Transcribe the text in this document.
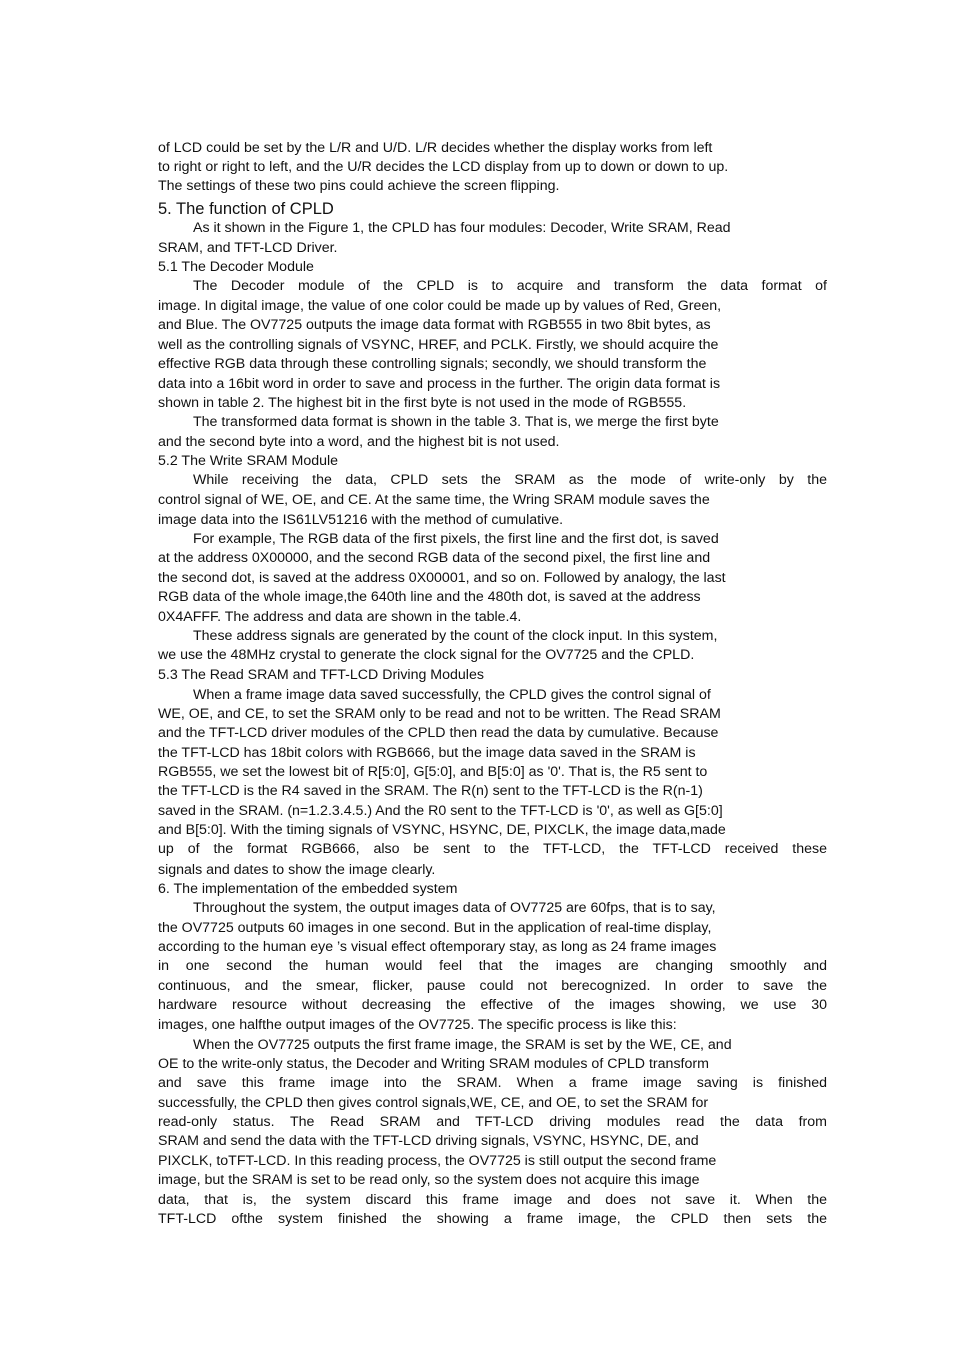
of LCD could be set by the L/R and U/D. L/R decides whether the display works from left

to right or right to left, and the U/R decides the LCD display from up to down or down to up.

The settings of these two pins could achieve the screen flipping.

5. The function of CPLD

As it shown in the Figure 1, the CPLD has four modules: Decoder, Write SRAM, Read

SRAM, and TFT-LCD Driver.

5.1 The Decoder Module

The Decoder module of the CPLD is to acquire and transform the data format of

image. In digital image, the value of one color could be made up by values of Red, Green,

and Blue. The OV7725 outputs the image data format with RGB555 in two 8bit bytes, as

well as the controlling signals of VSYNC, HREF, and PCLK. Firstly, we should acquire the

effective RGB data through these controlling signals; secondly, we should transform the

data into a 16bit word in order to save and process in the further. The origin data format is

shown in table 2. The highest bit in the first byte is not used in the mode of RGB555.

The transformed data format is shown in the table 3. That is, we merge the first byte

and the second byte into a word, and the highest bit is not used.

5.2 The Write SRAM Module

While receiving the data, CPLD sets the SRAM as the mode of write-only by the

control signal of WE, OE, and CE. At the same time, the Wring SRAM module saves the

image data into the IS61LV51216 with the method of cumulative.

For example, The RGB data of the first pixels, the first line and the first dot, is saved

at the address 0X00000, and the second RGB data of the second pixel, the first line and

the second dot, is saved at the address 0X00001, and so on. Followed by analogy, the last

RGB data of the whole image,the 640th line and the 480th dot, is saved at the address

0X4AFFF. The address and data are shown in the table.4.

These address signals are generated by the count of the clock input. In this system,

we use the 48MHz crystal to generate the clock signal for the OV7725 and the CPLD.

5.3 The Read SRAM and TFT-LCD Driving Modules

When a frame image data saved successfully, the CPLD gives the control signal of

WE, OE, and CE, to set the SRAM only to be read and not to be written. The Read SRAM

and the TFT-LCD driver modules of the CPLD then read the data by cumulative. Because

the TFT-LCD has 18bit colors with RGB666, but the image data saved in the SRAM is

RGB555, we set the lowest bit of R[5:0], G[5:0], and B[5:0] as '0'. That is, the R5 sent to

the TFT-LCD is the R4 saved in the SRAM. The R(n) sent to the TFT-LCD is the R(n-1)

saved in the SRAM. (n=1.2.3.4.5.) And the R0 sent to the TFT-LCD is '0', as well as G[5:0]

and B[5:0]. With the timing signals of VSYNC, HSYNC, DE, PIXCLK, the image data,made

up of the format RGB666, also be sent to the TFT-LCD, the TFT-LCD received these

signals and dates to show the image clearly.

6. The implementation of the embedded system

Throughout the system, the output images data of OV7725 are 60fps, that is to say,

the OV7725 outputs 60 images in one second. But in the application of real-time display,

according to the human eye ’s visual effect oftemporary stay, as long as 24 frame images

in one second the human would feel that the images are changing smoothly and

continuous, and the smear, flicker, pause could not berecognized. In order to save the

hardware resource without decreasing the effective of the images showing, we use 30

images, one halfthe output images of the OV7725. The specific process is like this:

When the OV7725 outputs the first frame image, the SRAM is set by the WE, CE, and

OE to the write-only status, the Decoder and Writing SRAM modules of CPLD transform

and save this frame image into the SRAM. When a frame image saving is finished

successfully, the CPLD then gives control signals,WE, CE, and OE, to set the SRAM for

read-only status. The Read SRAM and TFT-LCD driving modules read the data from

SRAM and send the data with the TFT-LCD driving signals, VSYNC, HSYNC, DE, and

PIXCLK, toTFT-LCD. In this reading process, the OV7725 is still output the second frame

image, but the SRAM is set to be read only, so the system does not acquire this image

data, that is, the system discard this frame image and does not save it. When the

TFT-LCD ofthe system finished the showing a frame image, the CPLD then sets the
